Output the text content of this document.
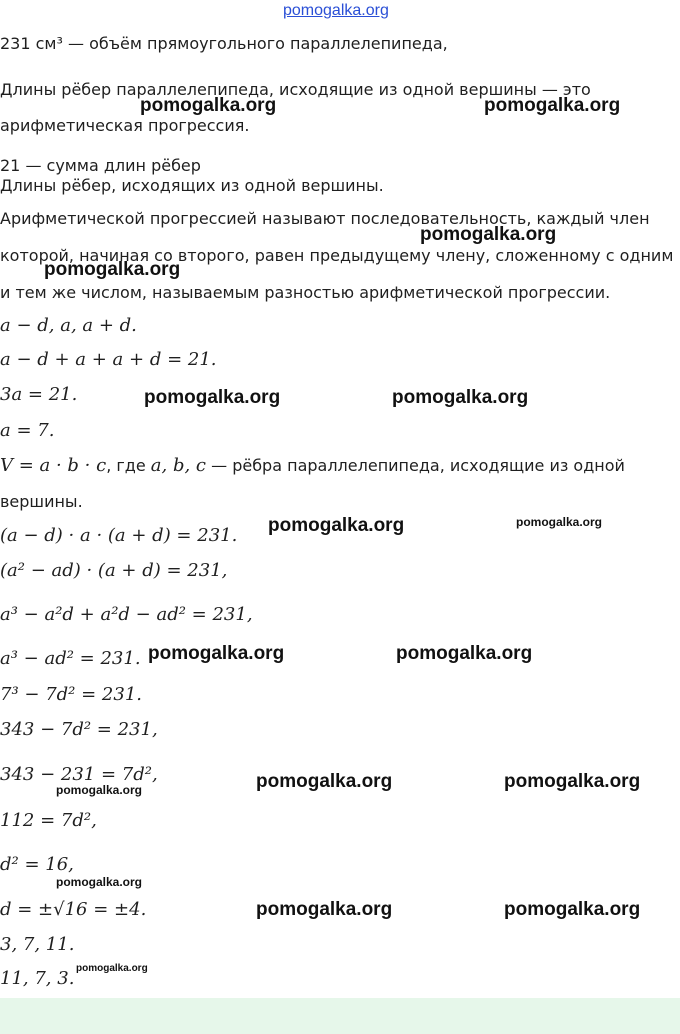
pomogalka.org
231 см³ — объём прямоугольного параллелепипеда,
Длины рёбер параллелепипеда, исходящие из одной вершины — это
арифметическая прогрессия.
21 — сумма длин рёбер
Длины рёбер, исходящих из одной вершины.
Арифметической прогрессией называют последовательность, каждый член
которой, начиная со второго, равен предыдущему члену, сложенному с одним
и тем же числом, называемым разностью арифметической прогрессии.
a − d, a, a + d.
a − d + a + a + d = 21.
3a = 21.
a = 7.
V = a · b · c, где a, b, c — рёбра параллелепипеда, исходящие из одной
вершины.
(a − d) · a · (a + d) = 231.
(a² − ad) · (a + d) = 231,
a³ − a²d + a²d − ad² = 231,
a³ − ad² = 231.
7³ − 7d² = 231.
343 − 7d² = 231,
343 − 231 = 7d²,
112 = 7d²,
d² = 16,
d = ±√16 = ±4.
3, 7, 11.
11, 7, 3.
pomogalka.org	pomogalka.org
pomogalka.org
pomogalka.org
pomogalka.org	pomogalka.org
pomogalka.org	pomogalka.org
pomogalka.org	pomogalka.org
pomogalka.org	pomogalka.org
pomogalka.org
pomogalka.org
pomogalka.org	pomogalka.org
pomogalka.org
